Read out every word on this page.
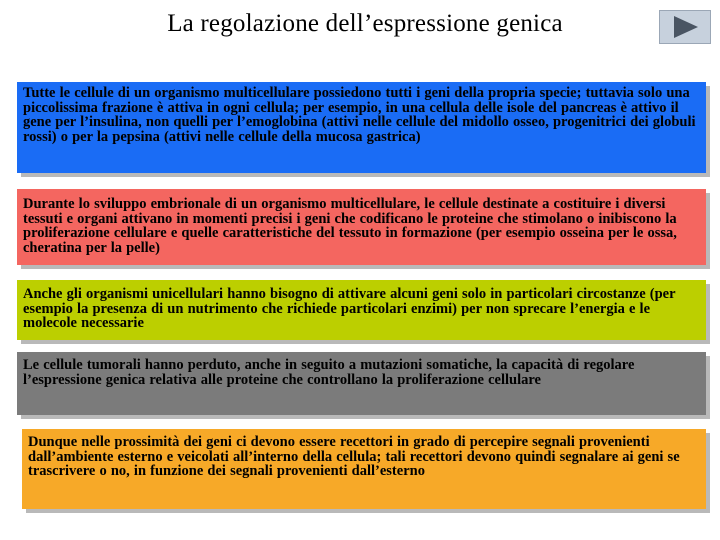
La regolazione dell’espressione genica

Tutte le cellule di un organismo multicellulare possiedono tutti i geni della propria specie; tuttavia solo una piccolissima frazione è attiva in ogni cellula; per esempio, in una cellula delle isole del pancreas è attivo il gene per l’insulina, non quelli per l’emoglobina (attivi nelle cellule del midollo osseo, progenitrici dei globuli rossi) o per la pepsina (attivi nelle cellule della mucosa gastrica)

Durante lo sviluppo embrionale di un organismo multicellulare, le cellule destinate a costituire i diversi tessuti e organi attivano in momenti precisi i geni che codificano le proteine che stimolano o inibiscono la proliferazione cellulare e quelle caratteristiche del tessuto in formazione (per esempio osseina per le ossa, cheratina per la pelle)

Anche gli organismi unicellulari hanno bisogno di attivare alcuni geni solo in particolari circostanze (per esempio la presenza di un nutrimento che richiede particolari enzimi) per non sprecare l’energia e le molecole necessarie

Le cellule tumorali hanno perduto, anche in seguito a mutazioni somatiche, la capacità di regolare l’espressione genica relativa alle proteine che controllano la proliferazione cellulare

Dunque nelle prossimità dei geni ci devono essere recettori in grado di percepire segnali provenienti dall’ambiente esterno e veicolati all’interno della cellula; tali recettori devono quindi segnalare ai geni se trascrivere o no, in funzione dei segnali provenienti dall’esterno
